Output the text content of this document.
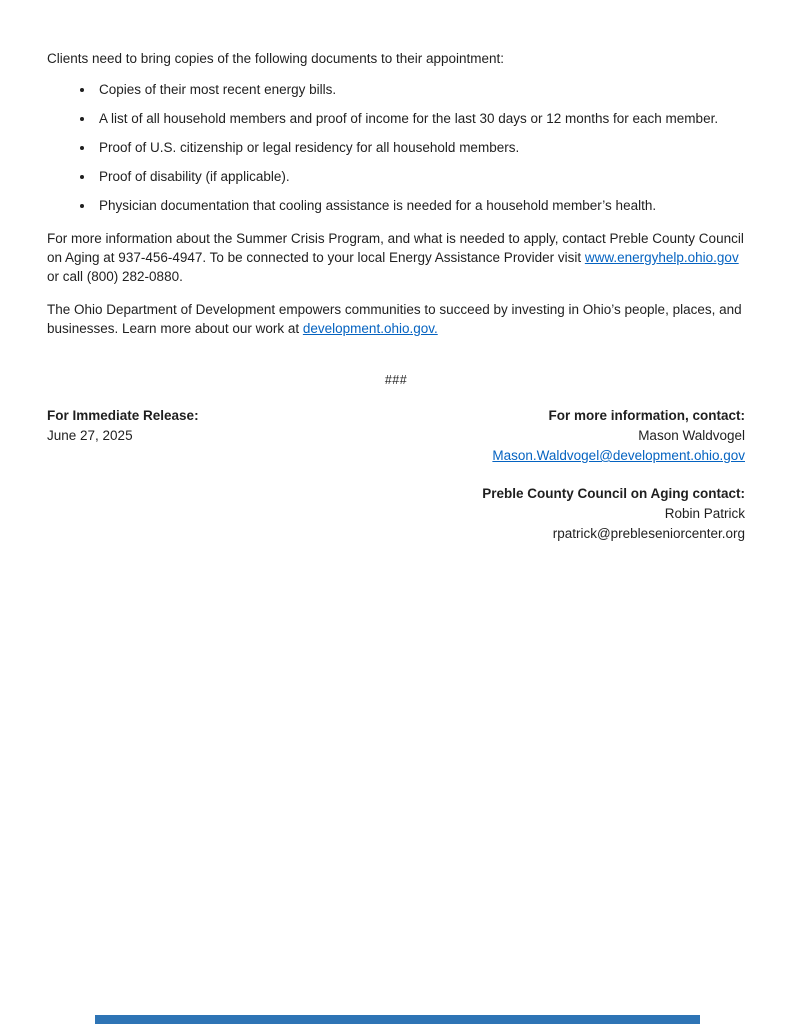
Clients need to bring copies of the following documents to their appointment:

• Copies of their most recent energy bills.
• A list of all household members and proof of income for the last 30 days or 12 months for each member.
• Proof of U.S. citizenship or legal residency for all household members.
• Proof of disability (if applicable).
• Physician documentation that cooling assistance is needed for a household member’s health.

For more information about the Summer Crisis Program, and what is needed to apply, contact Preble County Council on Aging at 937-456-4947. To be connected to your local Energy Assistance Provider visit www.energyhelp.ohio.gov or call (800) 282-0880.

The Ohio Department of Development empowers communities to succeed by investing in Ohio’s people, places, and businesses. Learn more about our work at development.ohio.gov.

###
For Immediate Release:
June 27, 2025
For more information, contact:
Mason Waldvogel
Mason.Waldvogel@development.ohio.gov
Preble County Council on Aging contact:
Robin Patrick
rpatrick@prebleseniorcenter.org
